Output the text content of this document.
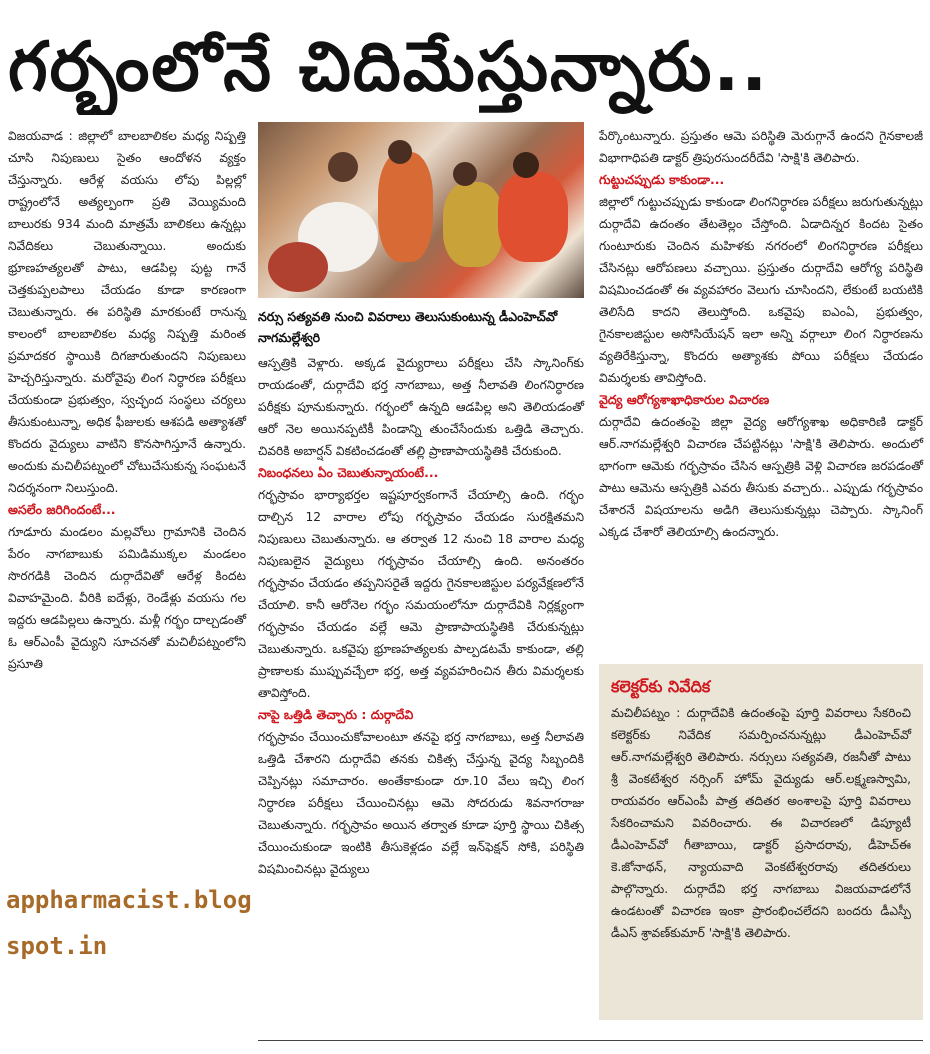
గర్భంలోనే చిదిమేస్తున్నారు..

విజయవాడ : జిల్లాలో బాలబాలికల మధ్య నిష్పత్తి చూసి నిపుణులు సైతం ఆందోళన వ్యక్తం చేస్తున్నారు. ఆరేళ్ల వయసు లోపు పిల్లల్లో రాష్ట్రంలోనే అత్యల్పంగా ప్రతి వెయ్యిమంది బాలురకు 934 మంది మాత్రమే బాలికలు ఉన్నట్లు నివేదికలు చెబుతున్నాయి. అందుకు భ్రూణహత్యలతో పాటు, ఆడపిల్ల పుట్ట గానే చెత్తకుప్పలపాలు చేయడం కూడా కారణంగా చెబుతున్నారు. ఈ పరిస్థితి మారకుంటే రానున్న కాలంలో బాలబాలికల మధ్య నిష్పత్తి మరింత ప్రమాదకర స్థాయికి దిగజారుతుందని నిపుణులు హెచ్చరిస్తున్నారు. మరోవైపు లింగ నిర్ధారణ పరీక్షలు చేయకుండా ప్రభుత్వం, స్వచ్ఛంద సంస్థలు చర్యలు తీసుకుంటున్నా, అధిక ఫీజులకు ఆశపడి అత్యాశతో కొందరు వైద్యులు వాటిని కొనసాగిస్తూనే ఉన్నారు. అందుకు మచిలీపట్నంలో చోటుచేసుకున్న సంఘటనే నిదర్శనంగా నిలుస్తుంది.

అసలేం జరిగిందంటే...

గూడూరు మండలం మల్లవోలు గ్రామానికి చెందిన పేరం నాగబాబుకు పమిడిముక్కల మండలం సొరగడికి చెందిన దుర్గాదేవితో ఆరేళ్ల కిందట వివాహమైంది. వీరికి ఐదేళ్లు, రెండేళ్లు వయసు గల ఇద్దరు ఆడపిల్లలు ఉన్నారు. మళ్లీ గర్భం దాల్చడంతో ఓ ఆర్ఎంపీ వైద్యుని సూచనతో మచిలీపట్నంలోని ప్రసూతి

appharmacist.blog
spot.in
నర్సు సత్యవతి నుంచి వివరాలు తెలుసుకుంటున్న డీఎంహెచ్‌వో నాగమల్లేశ్వరి

ఆస్పత్రికి వెళ్లారు. అక్కడ వైద్యురాలు పరీక్షలు చేసి స్కానింగ్‌కు రాయడంతో, దుర్గాదేవి భర్త నాగబాబు, అత్త నీలావతి లింగనిర్ధారణ పరీక్షకు పూనుకున్నారు. గర్భంలో ఉన్నది ఆడపిల్ల అని తెలియడంతో ఆరో నెల అయినప్పటికీ పిండాన్ని తుంచేసేందుకు ఒత్తిడి తెచ్చారు. చివరికి అబార్షన్ వికటించడంతో తల్లి ప్రాణాపాయస్థితికి చేరుకుంది.

నిబంధనలు ఏం చెబుతున్నాయంటే...

గర్భస్రావం భార్యాభర్తల ఇష్టపూర్వకంగానే చేయాల్సి ఉంది. గర్భం దాల్చిన 12 వారాల లోపు గర్భస్రావం చేయడం సురక్షితమని నిపుణులు చెబుతున్నారు. ఆ తర్వాత 12 నుంచి 18 వారాల మధ్య నిపుణులైన వైద్యులు గర్భస్రావం చేయాల్సి ఉంది. అనంతరం గర్భస్రావం చేయడం తప్పనిసరైతే ఇద్దరు గైనకాలజిస్టుల పర్యవేక్షణలోనే చేయాలి. కానీ ఆరోనెల గర్భం సమయంలోనూ దుర్గాదేవికి నిర్లక్ష్యంగా గర్భస్రావం చేయడం వల్లే ఆమె ప్రాణాపాయస్థితికి చేరుకున్నట్లు చెబుతున్నారు. ఒకవైపు భ్రూణహత్యలకు పాల్పడటమే కాకుండా, తల్లి ప్రాణాలకు ముప్పువచ్చేలా భర్త, అత్త వ్యవహరించిన తీరు విమర్శలకు తావిస్తోంది.

నాపై ఒత్తిడి తెచ్చారు : దుర్గాదేవి

గర్భస్రావం చేయించుకోవాలంటూ తనపై భర్త నాగబాబు, అత్త నీలావతి ఒత్తిడి చేశారని దుర్గాదేవి తనకు చికిత్స చేస్తున్న వైద్య సిబ్బందికి చెప్పినట్లు సమాచారం. అంతేకాకుండా రూ.10 వేలు ఇచ్చి లింగ నిర్ధారణ పరీక్షలు చేయించినట్లు ఆమె సోదరుడు శివనాగరాజు చెబుతున్నారు. గర్భస్రావం అయిన తర్వాత కూడా పూర్తి స్థాయి చికిత్స చేయించుకుండా ఇంటికి తీసుకెళ్లడం వల్లే ఇన్‌ఫెక్షన్ సోకి, పరిస్థితి విషమించినట్లు వైద్యులు

పేర్కొంటున్నారు. ప్రస్తుతం ఆమె పరిస్థితి మెరుగ్గానే ఉందని గైనకాలజీ విభాగాధిపతి డాక్టర్ త్రిపురసుందరీదేవి 'సాక్షి'కి తెలిపారు.

గుట్టుచప్పుడు కాకుండా...

జిల్లాలో గుట్టుచప్పుడు కాకుండా లింగనిర్ధారణ పరీక్షలు జరుగుతున్నట్లు దుర్గాదేవి ఉదంతం తేటతెల్లం చేస్తోంది. ఏడాదిన్నర కిందట సైతం గుంటూరుకు చెందిన మహిళకు నగరంలో లింగనిర్ధారణ పరీక్షలు చేసినట్లు ఆరోపణలు వచ్చాయి. ప్రస్తుతం దుర్గాదేవి ఆరోగ్య పరిస్థితి విషమించడంతో ఈ వ్యవహారం వెలుగు చూసిందని, లేకుంటే బయటికి తెలిసేది కాదని తెలుస్తోంది. ఒకవైపు ఐఎంఏ, ప్రభుత్వం, గైనకాలజిస్టుల అసోసియేషన్ ఇలా అన్ని వర్గాలూ లింగ నిర్ధారణను వ్యతిరేకిస్తున్నా, కొందరు అత్యాశకు పోయి పరీక్షలు చేయడం విమర్శలకు తావిస్తోంది.

వైద్య ఆరోగ్యశాఖాధికారుల విచారణ

దుర్గాదేవి ఉదంతంపై జిల్లా వైద్య ఆరోగ్యశాఖ అధికారిణి డాక్టర్ ఆర్.నాగమల్లేశ్వరి విచారణ చేపట్టినట్లు 'సాక్షి'కి తెలిపారు. అందులో భాగంగా ఆమెకు గర్భస్రావం చేసిన ఆస్పత్రికి వెళ్లి విచారణ జరపడంతో పాటు ఆమెను ఆస్పత్రికి ఎవరు తీసుకు వచ్చారు.. ఎప్పుడు గర్భస్రావం చేశారనే విషయాలను అడిగి తెలుసుకున్నట్లు చెప్పారు. స్కానింగ్ ఎక్కడ చేశారో తెలియాల్సి ఉందన్నారు.

కలెక్టర్‌కు నివేదిక

మచిలీపట్నం : దుర్గాదేవికి ఉదంతంపై పూర్తి వివరాలు సేకరించి కలెక్టర్‌కు నివేదిక సమర్పించనున్నట్లు డీఎంహెచ్‌వో ఆర్.నాగమల్లేశ్వరి తెలిపారు. నర్సులు సత్యవతి, రజనీతో పాటు శ్రీ వెంకటేశ్వర నర్సింగ్ హోమ్ వైద్యుడు ఆర్.లక్ష్మణస్వామి, రాయవరం ఆర్ఎంపీ పాత్ర తదితర అంశాలపై పూర్తి వివరాలు సేకరించామని వివరించారు. ఈ విచారణలో డిప్యూటీ డీఎంహెచ్‌వో గీతాబాయి, డాక్టర్ ప్రసాదరావు, డీహెచ్ఈ కె.జోనాథన్, న్యాయవాది వెంకటేశ్వరరావు తదితరులు పాల్గొన్నారు. దుర్గాదేవి భర్త నాగబాబు విజయవాడలోనే ఉండటంతో విచారణ ఇంకా ప్రారంభించలేదని బందరు డీఎస్పీ డీఎస్ శ్రావణ్‌కుమార్ 'సాక్షి'కి తెలిపారు.
